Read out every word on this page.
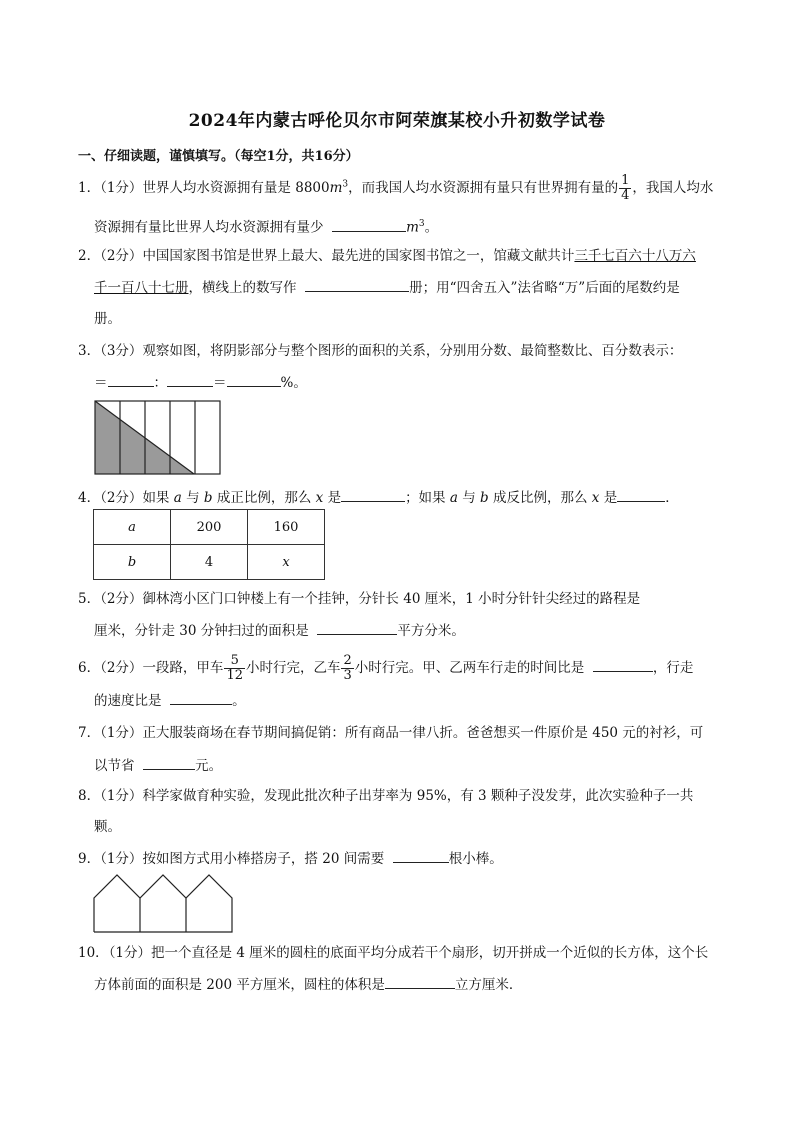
2024年内蒙古呼伦贝尔市阿荣旗某校小升初数学试卷
一、仔细读题，谨慎填写。（每空1分，共16分）
1．（1分）世界人均水资源拥有量是 $8800m^3$，而我国人均水资源拥有量只有世界拥有量的 $\frac{1}{4}$ ，我国人均水
资源拥有量比世界人均水资源拥有量少	$m^3$。
2．（2分）中国国家图书馆是世界上最大、最先进的国家图书馆之一，馆藏文献共计三千七百六十八万六
千一百八十七册，横线上的数写作	册；用“四舍五入”法省略“万”后面的尾数约是
册。
3．（3分）观察如图，将阴影部分与整个图形的面积的关系，分别用分数、最简整数比、百分数表示：
＝	：	＝	%。
4．（2分）如果 a 与 b 成正比例，那么 x 是	；如果 a 与 b 成反比例，那么 x 是	．
a	200	160
b	4	x
5．（2分）御林湾小区门口钟楼上有一个挂钟，分针长 40 厘米，1 小时分针针尖经过的路程是
厘米，分针走 30 分钟扫过的面积是	平方分米。
6．（2分）一段路，甲车 $\frac{5}{12}$ 小时行完，乙车 $\frac{2}{3}$ 小时行完。甲、乙两车行走的时间比是	，行走
的速度比是	。
7．（1分）正大服装商场在春节期间搞促销：所有商品一律八折。爸爸想买一件原价是 450 元的衬衫，可
以节省	元。
8．（1分）科学家做育种实验，发现此批次种子出芽率为 95%，有 3 颗种子没发芽，此次实验种子一共
颗。
9．（1分）按如图方式用小棒搭房子，搭 20 间需要	根小棒。
10．（1分）把一个直径是 4 厘米的圆柱的底面平均分成若干个扇形，切开拼成一个近似的长方体，这个长
方体前面的面积是 200 平方厘米，圆柱的体积是	立方厘米．
